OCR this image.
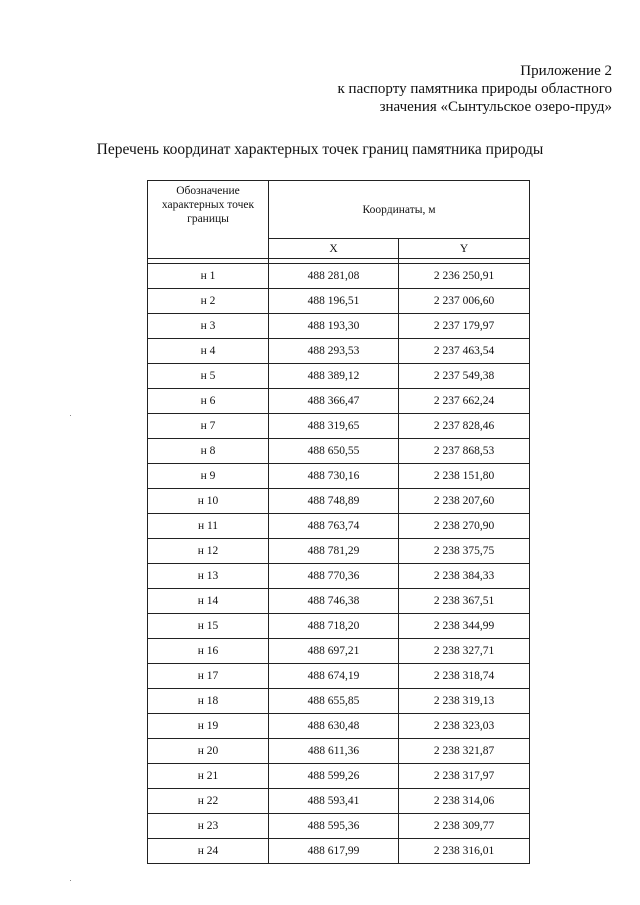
Приложение 2
к паспорту памятника природы областного
значения «Сынтульское озеро-пруд»
Перечень координат характерных точек границ памятника природы
Обозначение характерных точек границы	Координаты, м	
	X	Y

н 1	488 281,08	2 236 250,91
н 2	488 196,51	2 237 006,60
н 3	488 193,30	2 237 179,97
н 4	488 293,53	2 237 463,54
н 5	488 389,12	2 237 549,38
н 6	488 366,47	2 237 662,24
н 7	488 319,65	2 237 828,46
н 8	488 650,55	2 237 868,53
н 9	488 730,16	2 238 151,80
н 10	488 748,89	2 238 207,60
н 11	488 763,74	2 238 270,90
н 12	488 781,29	2 238 375,75
н 13	488 770,36	2 238 384,33
н 14	488 746,38	2 238 367,51
н 15	488 718,20	2 238 344,99
н 16	488 697,21	2 238 327,71
н 17	488 674,19	2 238 318,74
н 18	488 655,85	2 238 319,13
н 19	488 630,48	2 238 323,03
н 20	488 611,36	2 238 321,87
н 21	488 599,26	2 238 317,97
н 22	488 593,41	2 238 314,06
н 23	488 595,36	2 238 309,77
н 24	488 617,99	2 238 316,01
